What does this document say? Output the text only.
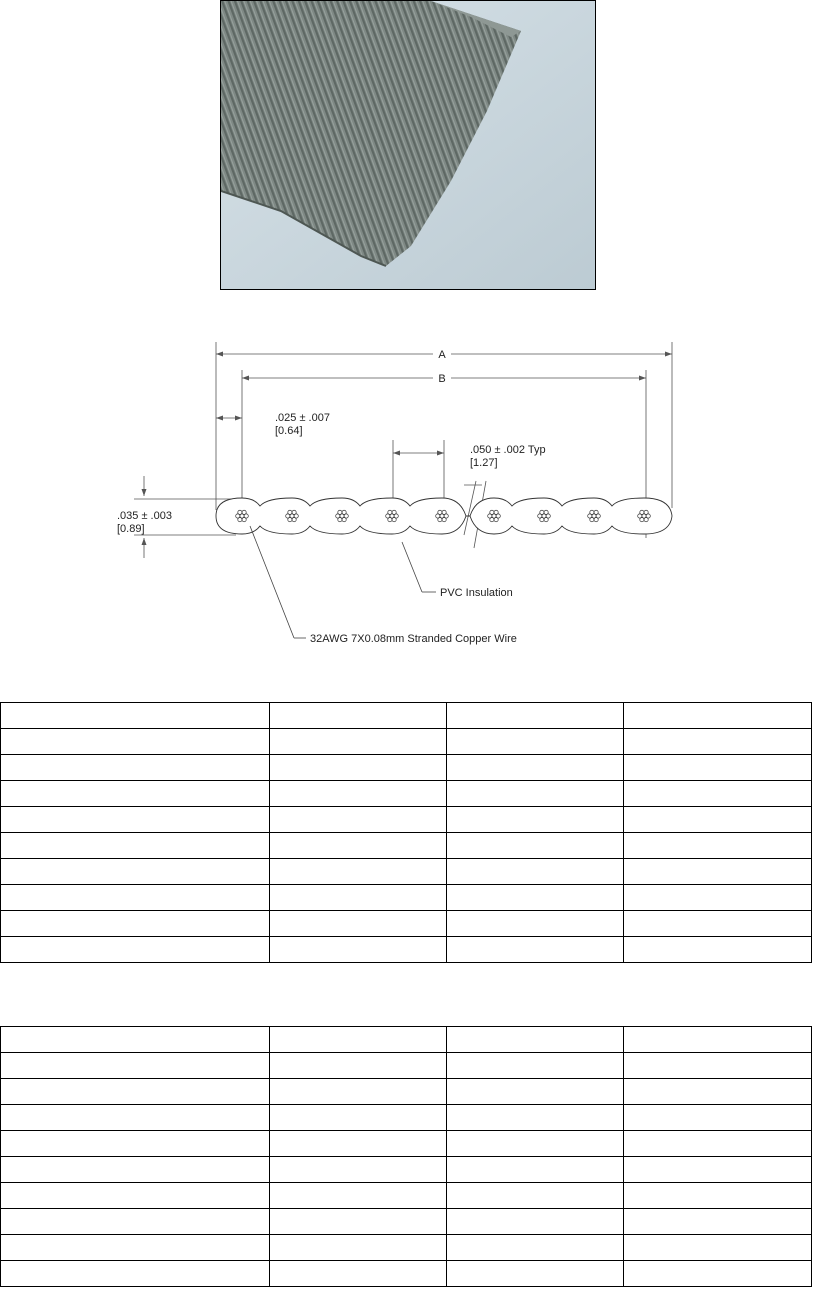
A
B
.025 ± .007
[0.64]
.050 ± .002 Typ
[1.27]
.035 ± .003
[0.89]
PVC Insulation
32AWG 7X0.08mm Stranded Copper Wire
